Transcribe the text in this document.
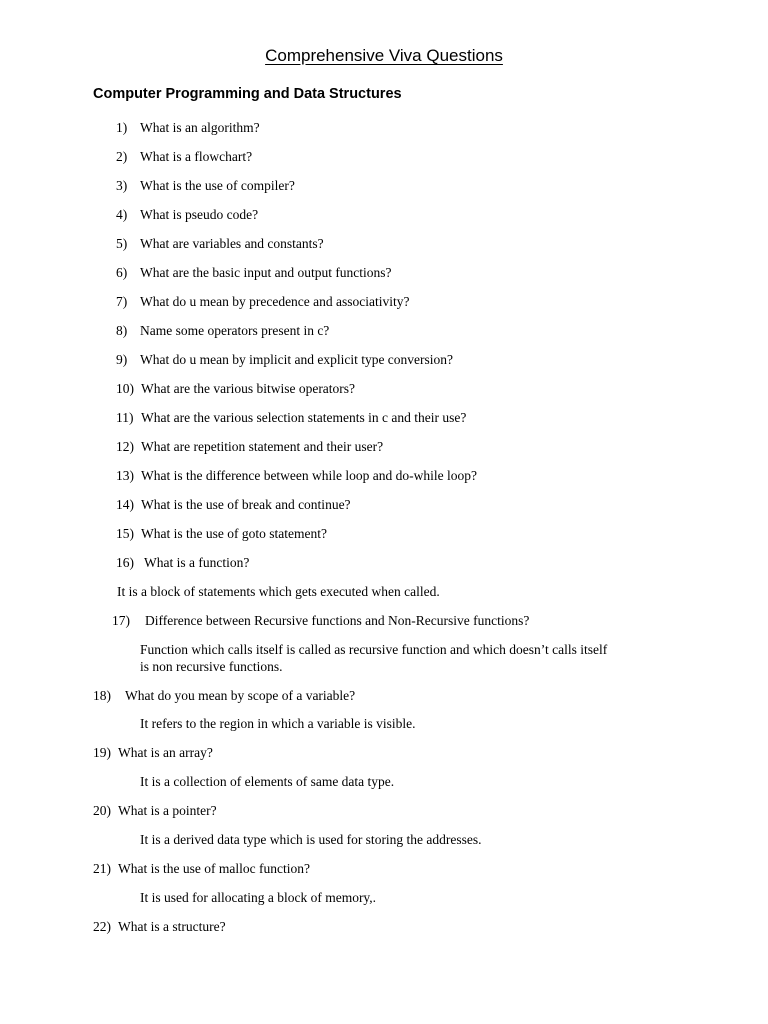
Comprehensive Viva Questions
Computer Programming and Data Structures
1) What is an algorithm?
2) What is a flowchart?
3) What is the use of compiler?
4) What is pseudo code?
5) What are variables and constants?
6) What are the basic input and output functions?
7) What do u mean by precedence and associativity?
8) Name some operators present in c?
9) What do u mean by implicit and explicit type conversion?
10) What are the various bitwise operators?
11) What are the various selection statements in c and their use?
12) What are repetition statement and their user?
13) What is the difference between while loop and do-while loop?
14) What is the use of break and continue?
15) What is the use of goto statement?
16) What is a function?
It is a block of statements which gets executed when called.
17) Difference between Recursive functions and Non-Recursive functions?
Function which calls itself is called as recursive function and which doesn’t calls itself
is non recursive functions.
18) What do you mean by scope of a variable?
It refers to the region in which a variable is visible.
19) What is an array?
It is a collection of elements of same data type.
20) What is a pointer?
It is a derived data type which is used for storing the addresses.
21) What is the use of malloc function?
It is used for allocating a block of memory,.
22) What is a structure?
